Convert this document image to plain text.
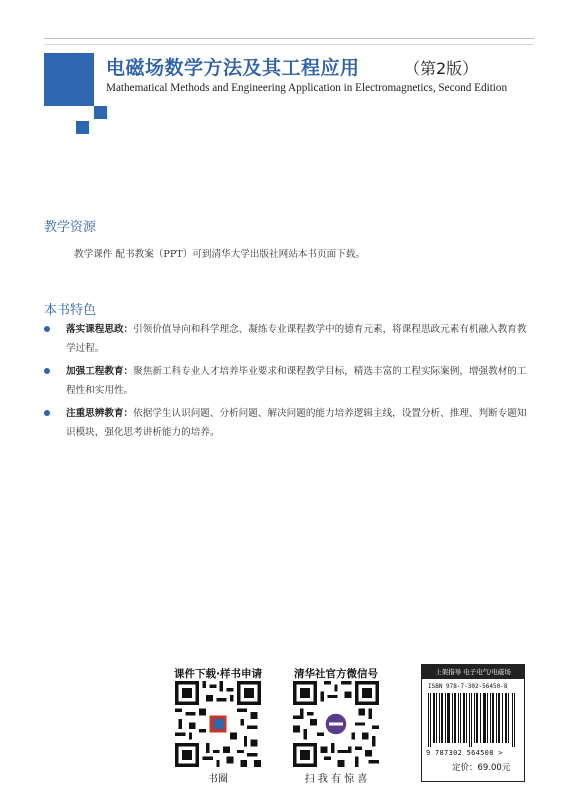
电磁场数学方法及其工程应用	（第2版）
Mathematical Methods and Engineering Application in Electromagnetics, Second Edition
教学资源

教学课件 配书教案（PPT）可到清华大学出版社网站本书页面下载。

本书特色
落实课程思政：引领价值导向和科学理念、凝练专业课程教学中的德育元素，将课程思政元素有机融入教育教学过程。
加强工程教育：聚焦新工科专业人才培养毕业要求和课程教学目标，精选丰富的工程实际案例，增强教材的工程性和实用性。
注重思辨教育：依据学生认识问题、分析问题、解决问题的能力培养逻辑主线，设置分析、推理、判断专题知识模块，强化思考讲析能力的培养。
课件下载·样书申请
书圈
清华社官方微信号
扫 我 有 惊 喜
上架指导 电子电气/电磁场
ISBN 978-7-302-56450-8
9 787302 564508 >
定价：69.00元
